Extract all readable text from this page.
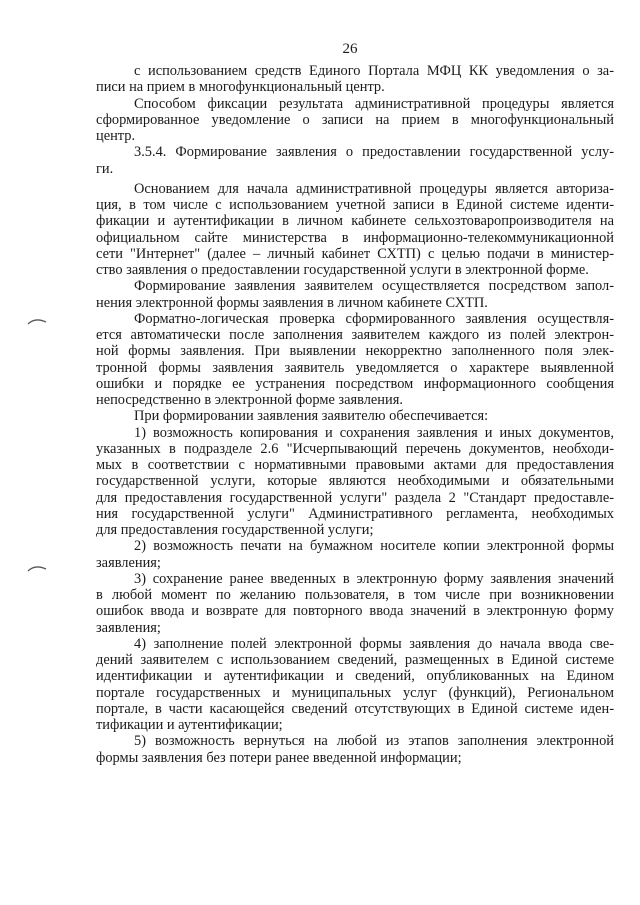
26
с использованием средств Единого Портала МФЦ КК уведомления о за-
писи на прием в многофункциональный центр.
Способом фиксации результата административной процедуры является
сформированное уведомление о записи на прием в многофункциональный
центр.
3.5.4. Формирование заявления о предоставлении государственной услу-
ги.
Основанием для начала административной процедуры является авториза-
ция, в том числе с использованием учетной записи в Единой системе иденти-
фикации и аутентификации в личном кабинете сельхозтоваропроизводителя на
официальном сайте министерства в информационно-телекоммуникационной
сети "Интернет" (далее – личный кабинет СХТП) с целью подачи в министер-
ство заявления о предоставлении государственной услуги в электронной форме.
Формирование заявления заявителем осуществляется посредством запол-
нения электронной формы заявления в личном кабинете СХТП.
Форматно-логическая проверка сформированного заявления осуществля-
ется автоматически после заполнения заявителем каждого из полей электрон-
ной формы заявления. При выявлении некорректно заполненного поля элек-
тронной формы заявления заявитель уведомляется о характере выявленной
ошибки и порядке ее устранения посредством информационного сообщения
непосредственно в электронной форме заявления.
При формировании заявления заявителю обеспечивается:
1) возможность копирования и сохранения заявления и иных документов,
указанных в подразделе 2.6 "Исчерпывающий перечень документов, необходи-
мых в соответствии с нормативными правовыми актами для предоставления
государственной услуги, которые являются необходимыми и обязательными
для предоставления государственной услуги" раздела 2 "Стандарт предоставле-
ния государственной услуги" Административного регламента, необходимых
для предоставления государственной услуги;
2) возможность печати на бумажном носителе копии электронной формы
заявления;
3) сохранение ранее введенных в электронную форму заявления значений
в любой момент по желанию пользователя, в том числе при возникновении
ошибок ввода и возврате для повторного ввода значений в электронную форму
заявления;
4) заполнение полей электронной формы заявления до начала ввода све-
дений заявителем с использованием сведений, размещенных в Единой системе
идентификации и аутентификации и сведений, опубликованных на Едином
портале государственных и муниципальных услуг (функций), Региональном
портале, в части касающейся сведений отсутствующих в Единой системе иден-
тификации и аутентификации;
5) возможность вернуться на любой из этапов заполнения электронной
формы заявления без потери ранее введенной информации;
